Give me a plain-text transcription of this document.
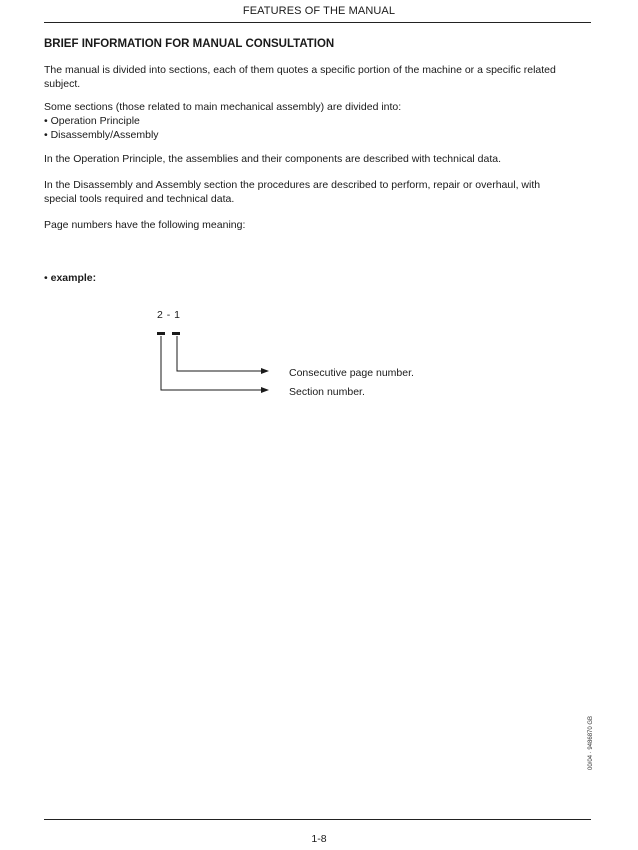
FEATURES OF THE MANUAL
BRIEF INFORMATION FOR MANUAL CONSULTATION

The manual is divided into sections, each of them quotes a specific portion of the machine or a specific related subject.

Some sections (those related to main mechanical assembly) are divided into:
• Operation Principle
• Disassembly/Assembly

In the Operation Principle, the assemblies and their components are described with technical data.

In the Disassembly and Assembly section the procedures are described to perform, repair or overhaul, with special tools required and technical data.

Page numbers have the following meaning:

• example:
2 - 1
Consecutive page number.
Section number.
00/04 · 9486870 GB
1-8
